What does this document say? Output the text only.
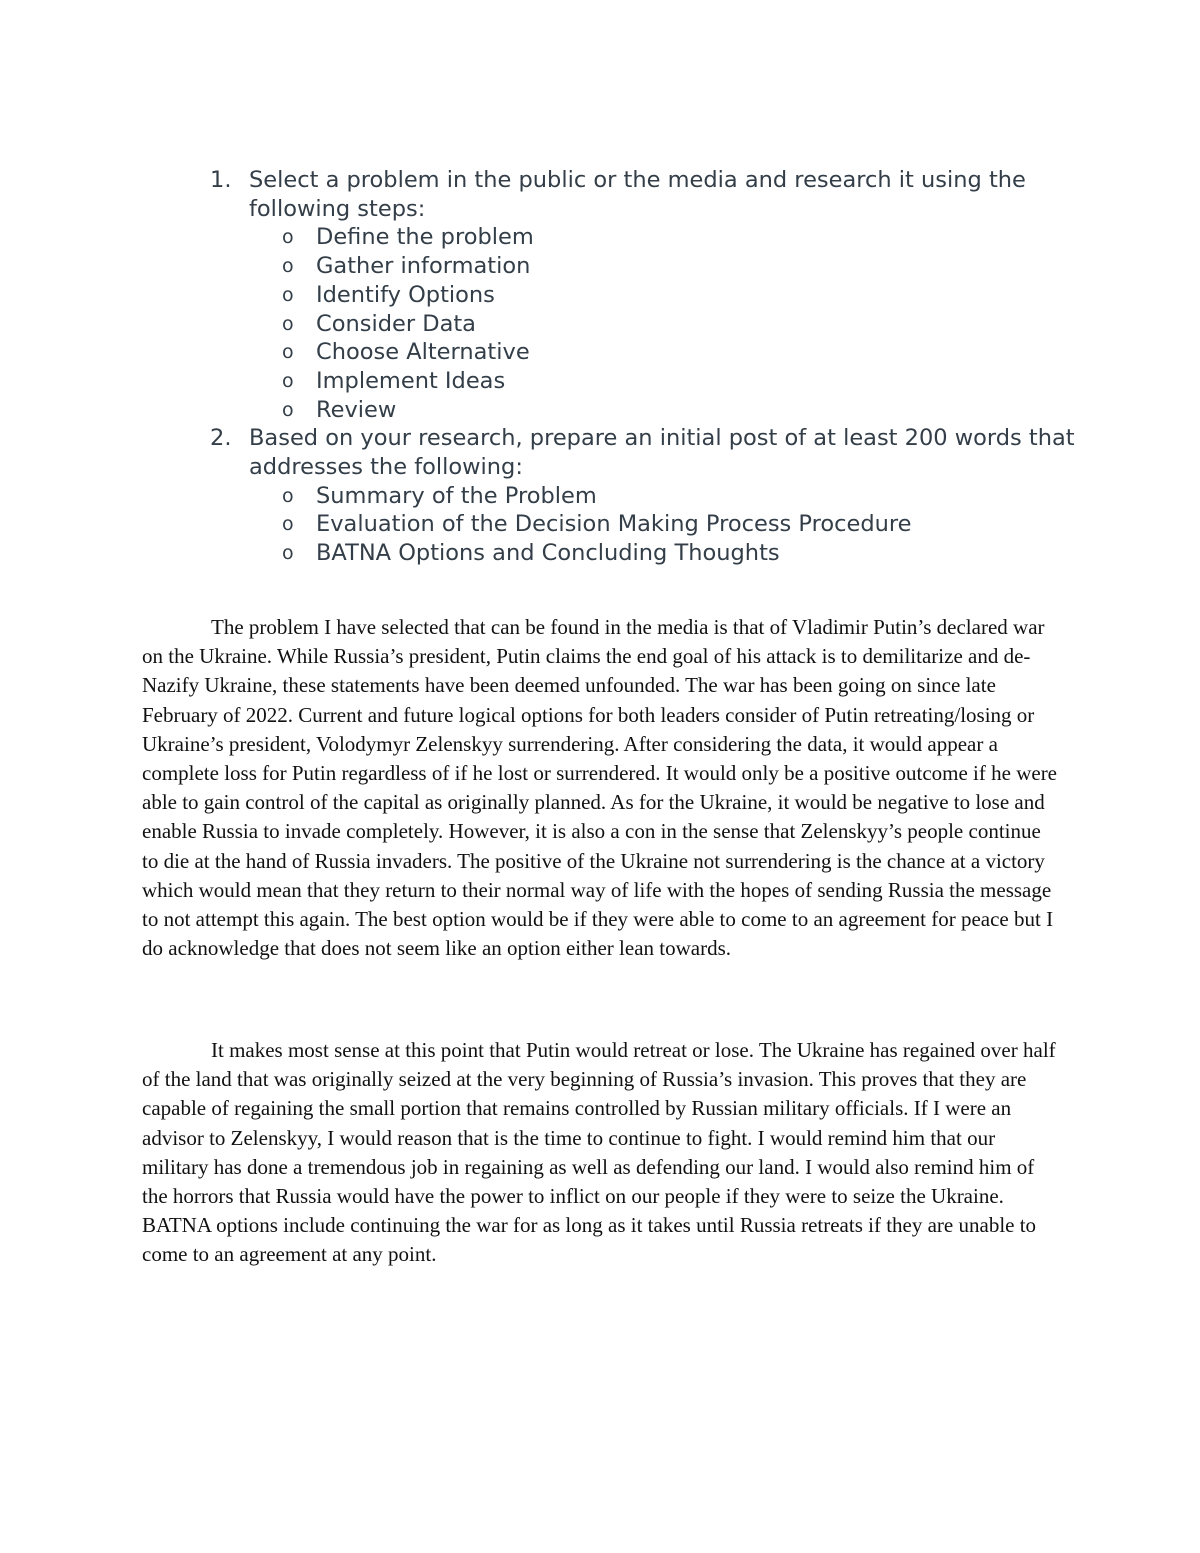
1. Select a problem in the public or the media and research it using the following steps:
o Define the problem
o Gather information
o Identify Options
o Consider Data
o Choose Alternative
o Implement Ideas
o Review
2. Based on your research, prepare an initial post of at least 200 words that addresses the following:
o Summary of the Problem
o Evaluation of the Decision Making Process Procedure
o BATNA Options and Concluding Thoughts

The problem I have selected that can be found in the media is that of Vladimir Putin’s declared war on the Ukraine. While Russia’s president, Putin claims the end goal of his attack is to demilitarize and de-Nazify Ukraine, these statements have been deemed unfounded. The war has been going on since late February of 2022. Current and future logical options for both leaders consider of Putin retreating/losing or Ukraine’s president, Volodymyr Zelenskyy surrendering. After considering the data, it would appear a complete loss for Putin regardless of if he lost or surrendered. It would only be a positive outcome if he were able to gain control of the capital as originally planned. As for the Ukraine, it would be negative to lose and enable Russia to invade completely. However, it is also a con in the sense that Zelenskyy’s people continue to die at the hand of Russia invaders. The positive of the Ukraine not surrendering is the chance at a victory which would mean that they return to their normal way of life with the hopes of sending Russia the message to not attempt this again. The best option would be if they were able to come to an agreement for peace but I do acknowledge that does not seem like an option either lean towards.

It makes most sense at this point that Putin would retreat or lose. The Ukraine has regained over half of the land that was originally seized at the very beginning of Russia’s invasion. This proves that they are capable of regaining the small portion that remains controlled by Russian military officials. If I were an advisor to Zelenskyy, I would reason that is the time to continue to fight. I would remind him that our military has done a tremendous job in regaining as well as defending our land. I would also remind him of the horrors that Russia would have the power to inflict on our people if they were to seize the Ukraine. BATNA options include continuing the war for as long as it takes until Russia retreats if they are unable to come to an agreement at any point.
